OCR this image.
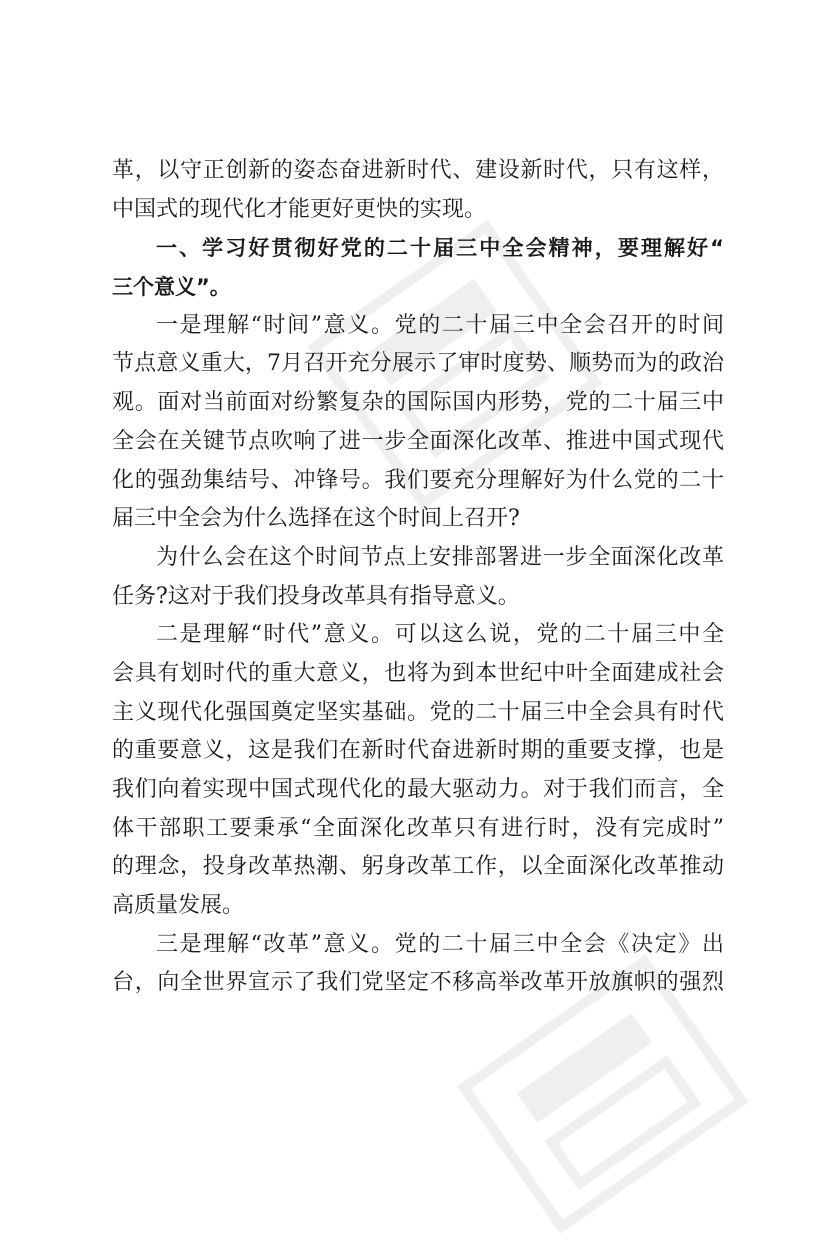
革，以守正创新的姿态奋进新时代、建设新时代，只有这样，
中国式的现代化才能更好更快的实现。
一、学习好贯彻好党的二十届三中全会精神，要理解好“
三个意义”。
一是理解“时间”意义。党的二十届三中全会召开的时间
节点意义重大，7月召开充分展示了审时度势、顺势而为的政治
观。面对当前面对纷繁复杂的国际国内形势，党的二十届三中
全会在关键节点吹响了进一步全面深化改革、推进中国式现代
化的强劲集结号、冲锋号。我们要充分理解好为什么党的二十
届三中全会为什么选择在这个时间上召开?
为什么会在这个时间节点上安排部署进一步全面深化改革
任务?这对于我们投身改革具有指导意义。
二是理解“时代”意义。可以这么说，党的二十届三中全
会具有划时代的重大意义，也将为到本世纪中叶全面建成社会
主义现代化强国奠定坚实基础。党的二十届三中全会具有时代
的重要意义，这是我们在新时代奋进新时期的重要支撑，也是
我们向着实现中国式现代化的最大驱动力。对于我们而言，全
体干部职工要秉承“全面深化改革只有进行时，没有完成时”
的理念，投身改革热潮、躬身改革工作，以全面深化改革推动
高质量发展。
三是理解“改革”意义。党的二十届三中全会《决定》出
台，向全世界宣示了我们党坚定不移高举改革开放旗帜的强烈
